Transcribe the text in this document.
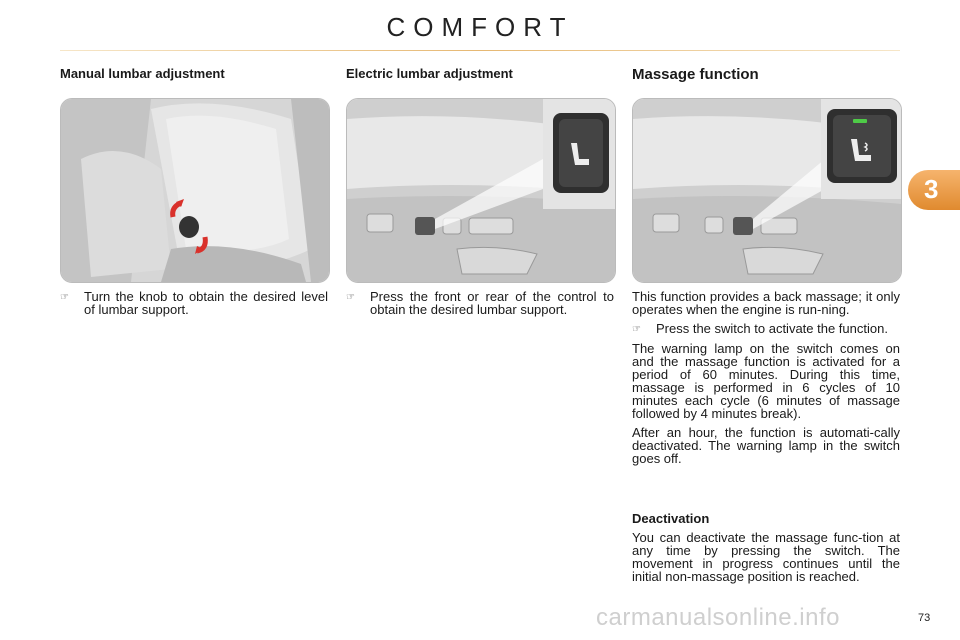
COMFORT
Manual lumbar adjustment	Electric lumbar adjustment	Massage function
☞	Turn the knob to obtain the desired level of lumbar support.
☞	Press the front or rear of the control to obtain the desired lumbar support.

This function provides a back massage; it only operates when the engine is run-ning.

☞	Press the switch to activate the function.

The warning lamp on the switch comes on and the massage function is activated for a period of 60 minutes. During this time, massage is performed in 6 cycles of 10 minutes each cycle (6 minutes of massage followed by 4 minutes break).

After an hour, the function is automati-cally deactivated. The warning lamp in the switch goes off.

Deactivation

You can deactivate the massage func-tion at any time by pressing the switch. The movement in progress continues until the initial non-massage position is reached.

3
carmanualsonline.info	73
